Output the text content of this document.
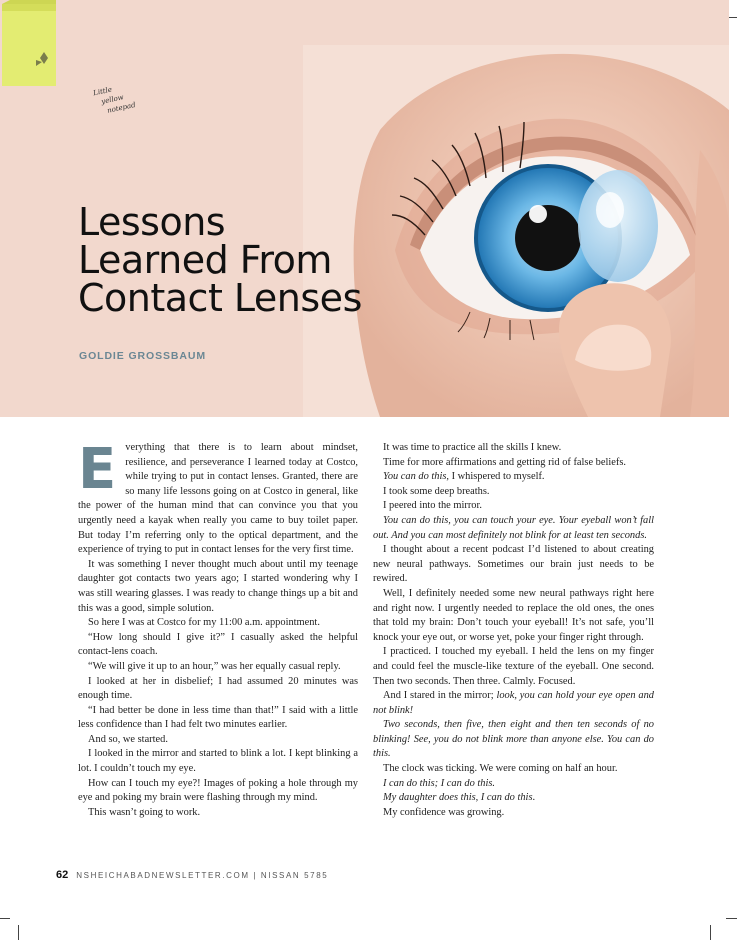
Little
yellow
notepad
Lessons
Learned From
Contact Lenses
GOLDIE GROSSBAUM

Everything that there is to learn about mindset, resilience, and perseverance I learned today at Costco, while trying to put in contact lenses. Granted, there are so many life lessons going on at Costco in general, like the power of the human mind that can convince you that you urgently need a kayak when really you came to buy toilet paper. But today I’m referring only to the optical department, and the experience of trying to put in contact lenses for the very first time.

It was something I never thought much about until my teenage daughter got contacts two years ago; I started wondering why I was still wearing glasses. I was ready to change things up a bit and this was a good, simple solution.

So here I was at Costco for my 11:00 a.m. appointment.

“How long should I give it?” I casually asked the helpful contact-lens coach.

“We will give it up to an hour,” was her equally casual reply.

I looked at her in disbelief; I had assumed 20 minutes was enough time.

“I had better be done in less time than that!” I said with a little less confidence than I had felt two minutes earlier.

And so, we started.

I looked in the mirror and started to blink a lot. I kept blinking a lot. I couldn’t touch my eye.

How can I touch my eye?! Images of poking a hole through my eye and poking my brain were flashing through my mind.

This wasn’t going to work.

It was time to practice all the skills I knew.

Time for more affirmations and getting rid of false beliefs.

You can do this, I whispered to myself.

I took some deep breaths.

I peered into the mirror.

You can do this, you can touch your eye. Your eyeball won’t fall out. And you can most definitely not blink for at least ten seconds.

I thought about a recent podcast I’d listened to about creating new neural pathways. Sometimes our brain just needs to be rewired.

Well, I definitely needed some new neural pathways right here and right now. I urgently needed to replace the old ones, the ones that told my brain: Don’t touch your eyeball! It’s not safe, you’ll knock your eye out, or worse yet, poke your finger right through.

I practiced. I touched my eyeball. I held the lens on my finger and could feel the muscle-like texture of the eyeball. One second. Then two seconds. Then three. Calmly. Focused.

And I stared in the mirror; look, you can hold your eye open and not blink!

Two seconds, then five, then eight and then ten seconds of no blinking! See, you do not blink more than anyone else. You can do this.

The clock was ticking. We were coming on half an hour.

I can do this; I can do this.

My daughter does this, I can do this.

My confidence was growing.

62 NSHEICHABADNEWSLETTER.COM | NISSAN 5785
